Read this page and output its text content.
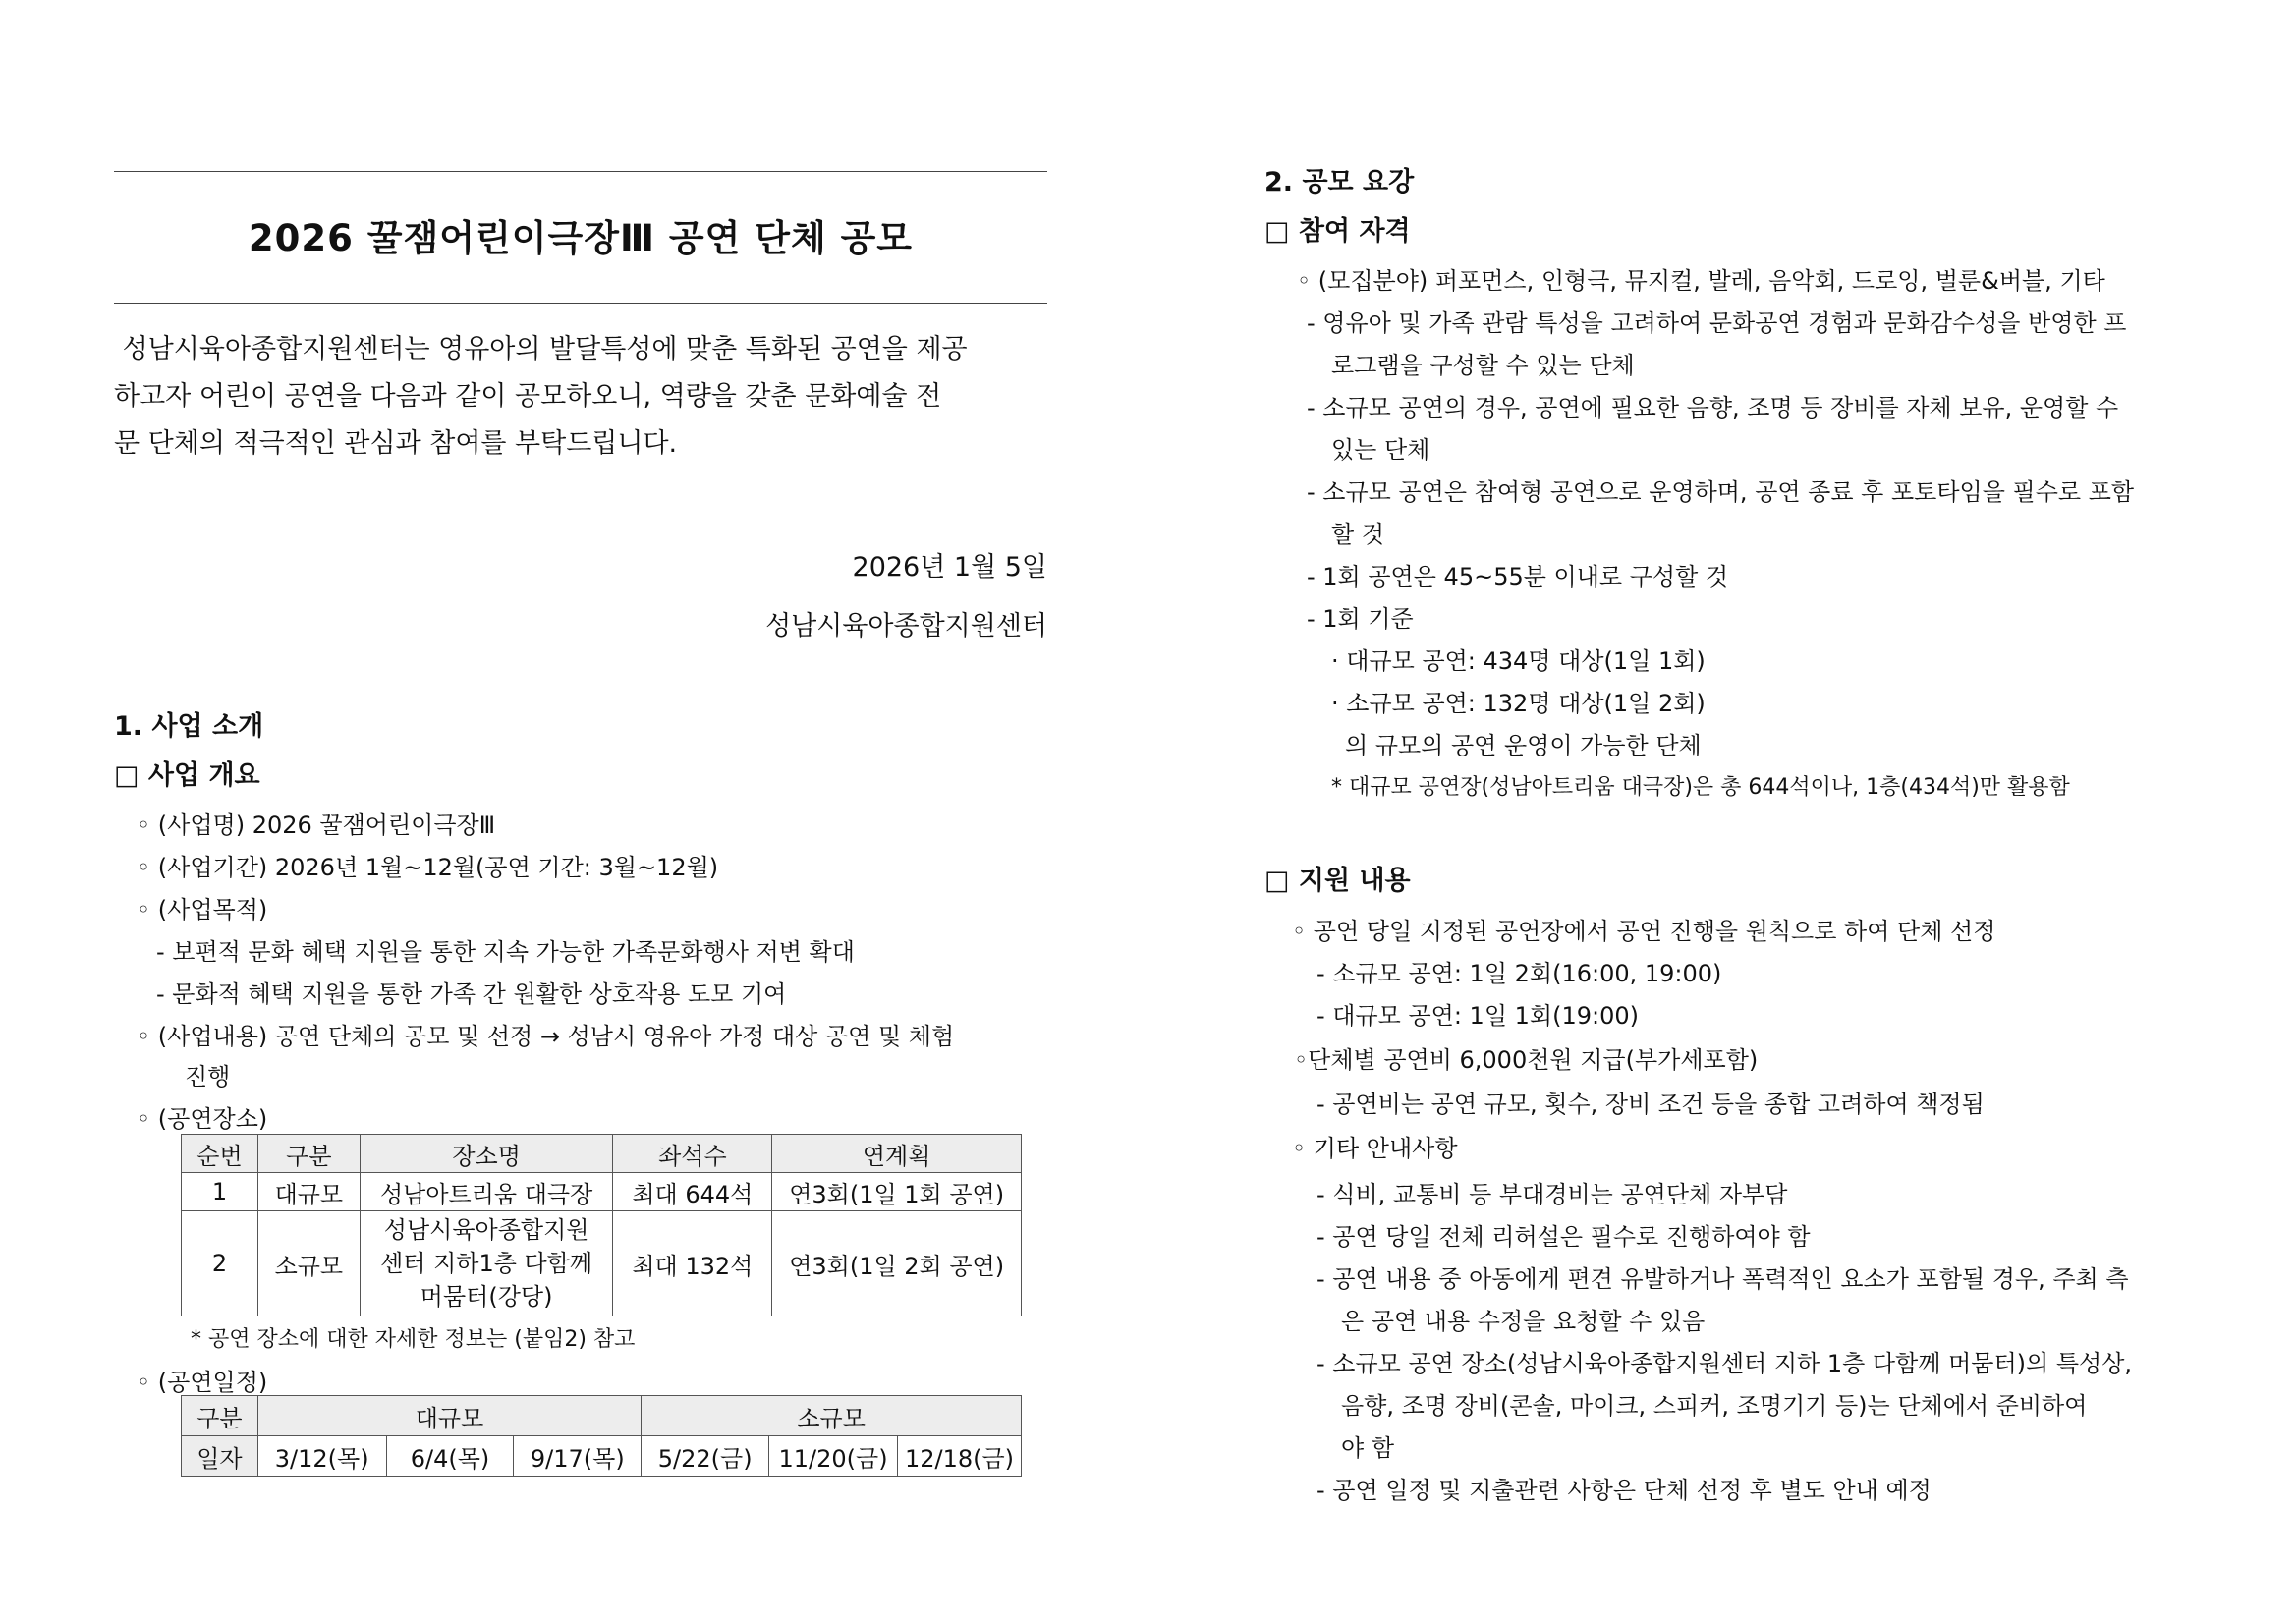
2026 꿀잼어린이극장Ⅲ 공연 단체 공모

성남시육아종합지원센터는 영유아의 발달특성에 맞춘 특화된 공연을 제공

하고자 어린이 공연을 다음과 같이 공모하오니, 역량을 갖춘 문화예술 전

문 단체의 적극적인 관심과 참여를 부탁드립니다.

2026년 1월 5일
성남시육아종합지원센터
1. 사업 소개
□ 사업 개요
◦ (사업명) 2026 꿀잼어린이극장Ⅲ
◦ (사업기간) 2026년 1월~12월(공연 기간: 3월~12월)
◦ (사업목적)
- 보편적 문화 혜택 지원을 통한 지속 가능한 가족문화행사 저변 확대
- 문화적 혜택 지원을 통한 가족 간 원활한 상호작용 도모 기여
◦ (사업내용) 공연 단체의 공모 및 선정 → 성남시 영유아 가정 대상 공연 및 체험
진행
◦ (공연장소)
순번	구분	장소명	좌석수	연계획
1	대규모	성남아트리움 대극장	최대 644석	연3회(1일 1회 공연)
2	소규모	성남시육아종합지원
센터 지하1층 다함께
머뭄터(강당)	최대 132석	연3회(1일 2회 공연)
* 공연 장소에 대한 자세한 정보는 (붙임2) 참고
◦ (공연일정)
구분	대규모			소규모		
일자	3/12(목)	6/4(목)	9/17(목)	5/22(금)	11/20(금)	12/18(금)
2. 공모 요강
□ 참여 자격
◦ (모집분야) 퍼포먼스, 인형극, 뮤지컬, 발레, 음악회, 드로잉, 벌룬&버블, 기타
- 영유아 및 가족 관람 특성을 고려하여 문화공연 경험과 문화감수성을 반영한 프
로그램을 구성할 수 있는 단체
- 소규모 공연의 경우, 공연에 필요한 음향, 조명 등 장비를 자체 보유, 운영할 수
있는 단체
- 소규모 공연은 참여형 공연으로 운영하며, 공연 종료 후 포토타임을 필수로 포함
할 것
- 1회 공연은 45~55분 이내로 구성할 것
- 1회 기준
· 대규모 공연: 434명 대상(1일 1회)
· 소규모 공연: 132명 대상(1일 2회)
의 규모의 공연 운영이 가능한 단체
* 대규모 공연장(성남아트리움 대극장)은 총 644석이나, 1층(434석)만 활용함
□ 지원 내용
◦ 공연 당일 지정된 공연장에서 공연 진행을 원칙으로 하여 단체 선정
- 소규모 공연: 1일 2회(16:00, 19:00)
- 대규모 공연: 1일 1회(19:00)
◦단체별 공연비 6,000천원 지급(부가세포함)
- 공연비는 공연 규모, 횟수, 장비 조건 등을 종합 고려하여 책정됨
◦ 기타 안내사항
- 식비, 교통비 등 부대경비는 공연단체 자부담
- 공연 당일 전체 리허설은 필수로 진행하여야 함
- 공연 내용 중 아동에게 편견 유발하거나 폭력적인 요소가 포함될 경우, 주최 측
은 공연 내용 수정을 요청할 수 있음
- 소규모 공연 장소(성남시육아종합지원센터 지하 1층 다함께 머뭄터)의 특성상,
음향, 조명 장비(콘솔, 마이크, 스피커, 조명기기 등)는 단체에서 준비하여
야 함
- 공연 일정 및 지출관련 사항은 단체 선정 후 별도 안내 예정
